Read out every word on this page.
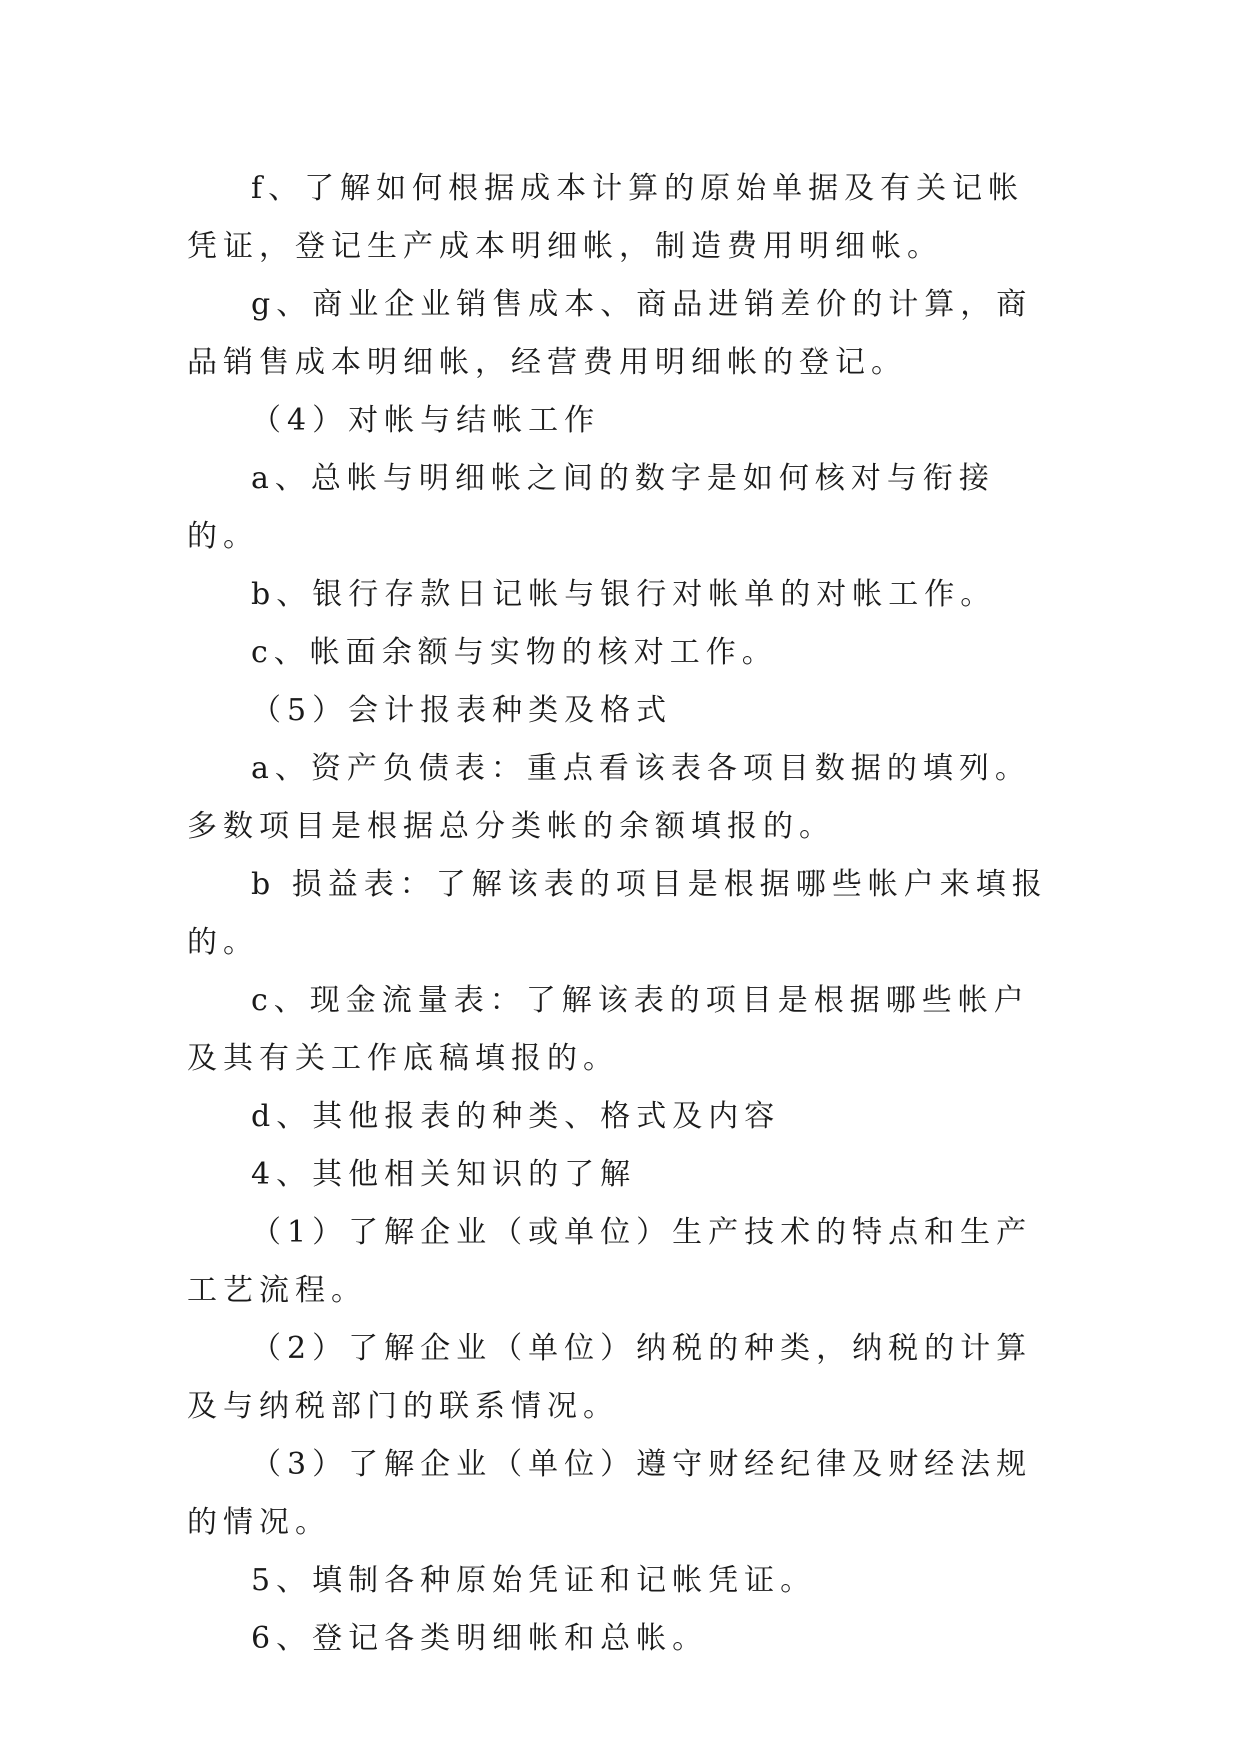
f、了解如何根据成本计算的原始单据及有关记帐凭证，登记生产成本明细帐，制造费用明细帐。

g、商业企业销售成本、商品进销差价的计算，商品销售成本明细帐，经营费用明细帐的登记。

（4）对帐与结帐工作

a、总帐与明细帐之间的数字是如何核对与衔接的。

b、银行存款日记帐与银行对帐单的对帐工作。

c、帐面余额与实物的核对工作。

（5）会计报表种类及格式

a、资产负债表：重点看该表各项目数据的填列。多数项目是根据总分类帐的余额填报的。

b 损益表：了解该表的项目是根据哪些帐户来填报的。

c、现金流量表：了解该表的项目是根据哪些帐户及其有关工作底稿填报的。

d、其他报表的种类、格式及内容

4、其他相关知识的了解

（1）了解企业（或单位）生产技术的特点和生产工艺流程。

（2）了解企业（单位）纳税的种类，纳税的计算及与纳税部门的联系情况。

（3）了解企业（单位）遵守财经纪律及财经法规的情况。

5、填制各种原始凭证和记帐凭证。

6、登记各类明细帐和总帐。
